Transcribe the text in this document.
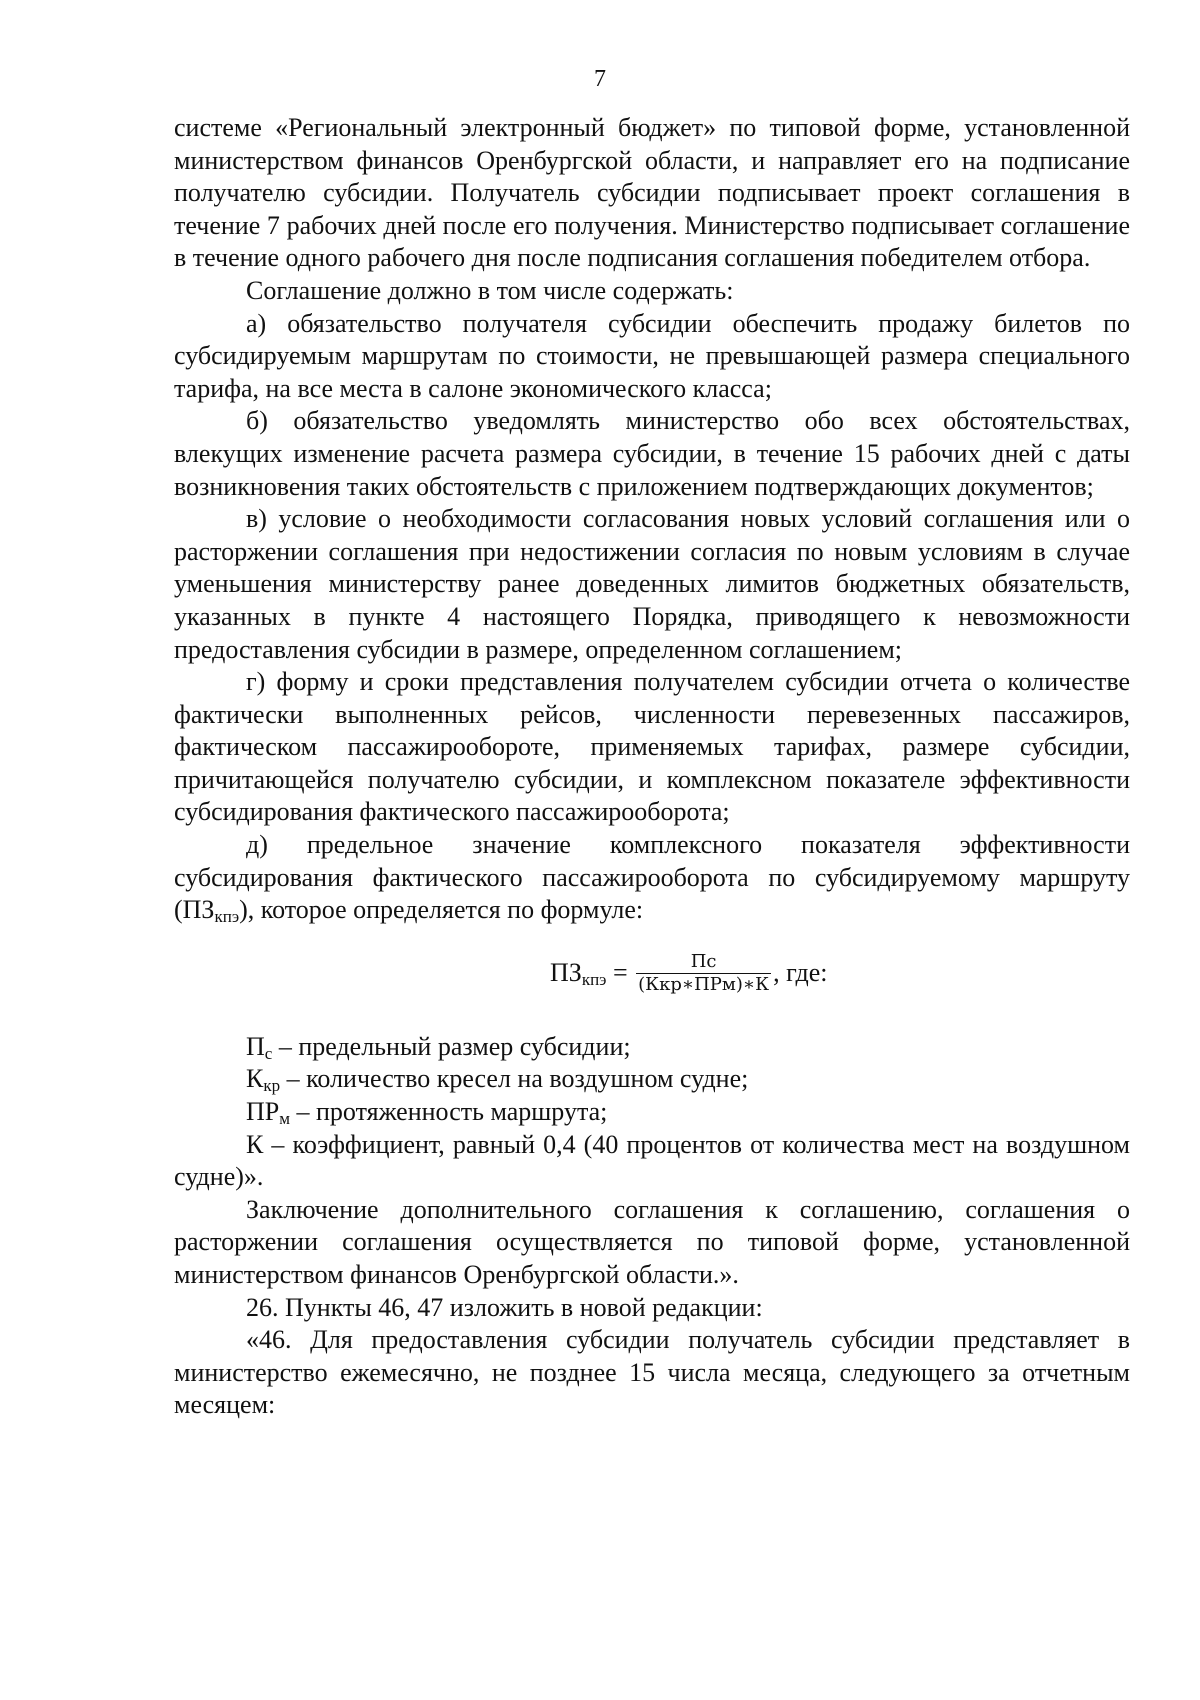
7

системе «Региональный электронный бюджет» по типовой форме, установленной министерством финансов Оренбургской области, и направляет его на подписание получателю субсидии. Получатель субсидии подписывает проект соглашения в течение 7 рабочих дней после его получения. Министерство подписывает соглашение в течение одного рабочего дня после подписания соглашения победителем отбора.

Соглашение должно в том числе содержать:

а) обязательство получателя субсидии обеспечить продажу билетов по субсидируемым маршрутам по стоимости, не превышающей размера специального тарифа, на все места в салоне экономического класса;

б) обязательство уведомлять министерство обо всех обстоятельствах, влекущих изменение расчета размера субсидии, в течение 15 рабочих дней с даты возникновения таких обстоятельств с приложением подтверждающих документов;

в) условие о необходимости согласования новых условий соглашения или о расторжении соглашения при недостижении согласия по новым условиям в случае уменьшения министерству ранее доведенных лимитов бюджетных обязательств, указанных в пункте 4 настоящего Порядка, приводящего к невозможности предоставления субсидии в размере, определенном соглашением;

г) форму и сроки представления получателем субсидии отчета о количестве фактически выполненных рейсов, численности перевезенных пассажиров, фактическом пассажирообороте, применяемых тарифах, размере субсидии, причитающейся получателю субсидии, и комплексном показателе эффективности субсидирования фактического пассажирооборота;

д) предельное значение комплексного показателя эффективности субсидирования фактического пассажирооборота по субсидируемому маршруту $(ПЗ_{кпэ})$, которое определяется по формуле:

$ПЗ_{кпэ} = \frac{Пс}{\text{(Ккр∗ПРм)∗К}}$ , где:

$П_с$ – предельный размер субсидии;

$К_{кр}$ – количество кресел на воздушном судне;

$ПР_м$ – протяженность маршрута;

К – коэффициент, равный 0,4 (40 процентов от количества мест на воздушном судне)».

Заключение дополнительного соглашения к соглашению, соглашения о расторжении соглашения осуществляется по типовой форме, установленной министерством финансов Оренбургской области.».

26. Пункты 46, 47 изложить в новой редакции:

«46. Для предоставления субсидии получатель субсидии представляет в министерство ежемесячно, не позднее 15 числа месяца, следующего за отчетным месяцем:
